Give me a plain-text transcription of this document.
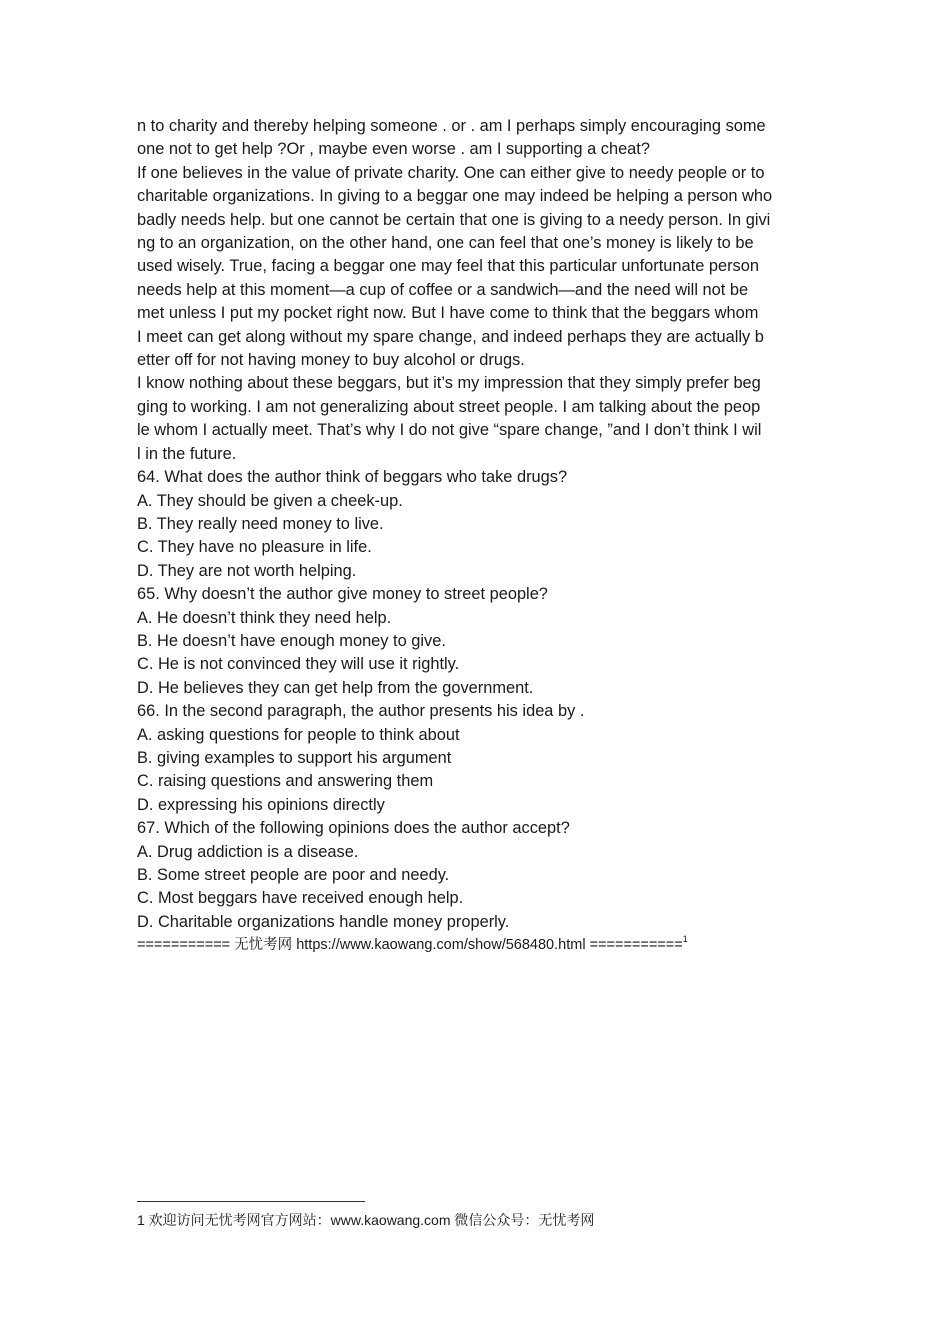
n to charity and thereby helping someone . or . am I perhaps simply encouraging some
one not to get help ?Or , maybe even worse . am I supporting a cheat?
If one believes in the value of private charity. One can either give to needy people or to
charitable organizations. In giving to a beggar one may indeed be helping a person who
badly needs help. but one cannot be certain that one is giving to a needy person. In givi
ng to an organization, on the other hand, one can feel that one’s money is likely to be
used wisely. True, facing a beggar one may feel that this particular unfortunate person
needs help at this moment—a cup of coffee or a sandwich—and the need will not be
met unless I put my pocket right now. But I have come to think that the beggars whom
I meet can get along without my spare change, and indeed perhaps they are actually b
etter off for not having money to buy alcohol or drugs.
I know nothing about these beggars, but it’s my impression that they simply prefer beg
ging to working. I am not generalizing about street people. I am talking about the peop
le whom I actually meet. That’s why I do not give “spare change, ”and I don’t think I wil
l in the future.
64. What does the author think of beggars who take drugs?
A. They should be given a cheek-up.
B. They really need money to live.
C. They have no pleasure in life.
D. They are not worth helping.
65. Why doesn’t the author give money to street people?
A. He doesn’t think they need help.
B. He doesn’t have enough money to give.
C. He is not convinced they will use it rightly.
D. He believes they can get help from the government.
66. In the second paragraph, the author presents his idea by .
A. asking questions for people to think about
B. giving examples to support his argument
C. raising questions and answering them
D. expressing his opinions directly
67. Which of the following opinions does the author accept?
A. Drug addiction is a disease.
B. Some street people are poor and needy.
C. Most beggars have received enough help.
D. Charitable organizations handle money properly.
=========== 无忧考网 https://www.kaowang.com/show/568480.html ===========$^1$
1 欢迎访问无忧考网官方网站：www.kaowang.com 微信公众号：无忧考网
